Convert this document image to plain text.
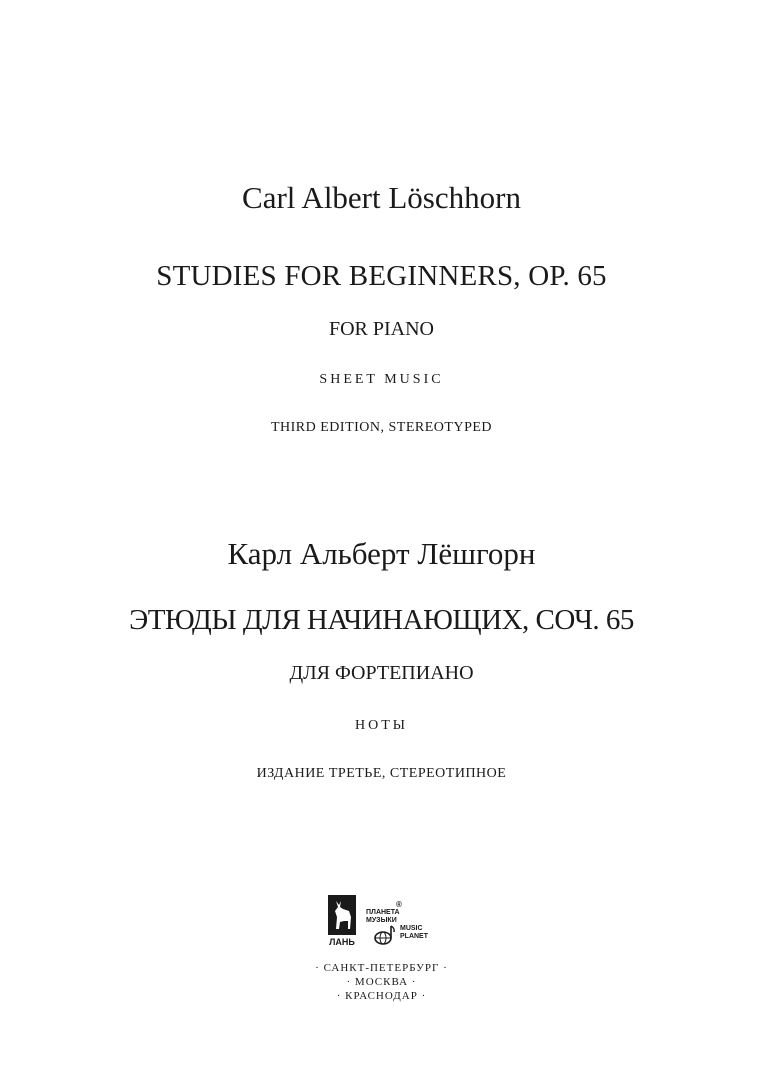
Carl Albert Löschhorn
STUDIES FOR BEGINNERS, OP. 65
FOR PIANO
SHEET MUSIC
THIRD EDITION, STEREOTYPED
Карл Альберт Лёшгорн
ЭТЮДЫ ДЛЯ НАЧИНАЮЩИХ, СОЧ. 65
ДЛЯ ФОРТЕПИАНО
НОТЫ
ИЗДАНИЕ ТРЕТЬЕ, СТЕРЕОТИПНОЕ
ЛАНЬ
ПЛАНЕТА
МУЗЫКИ
®
MUSIC
PLANET
· САНКТ-ПЕТЕРБУРГ ·
· МОСКВА ·
· КРАСНОДАР ·
